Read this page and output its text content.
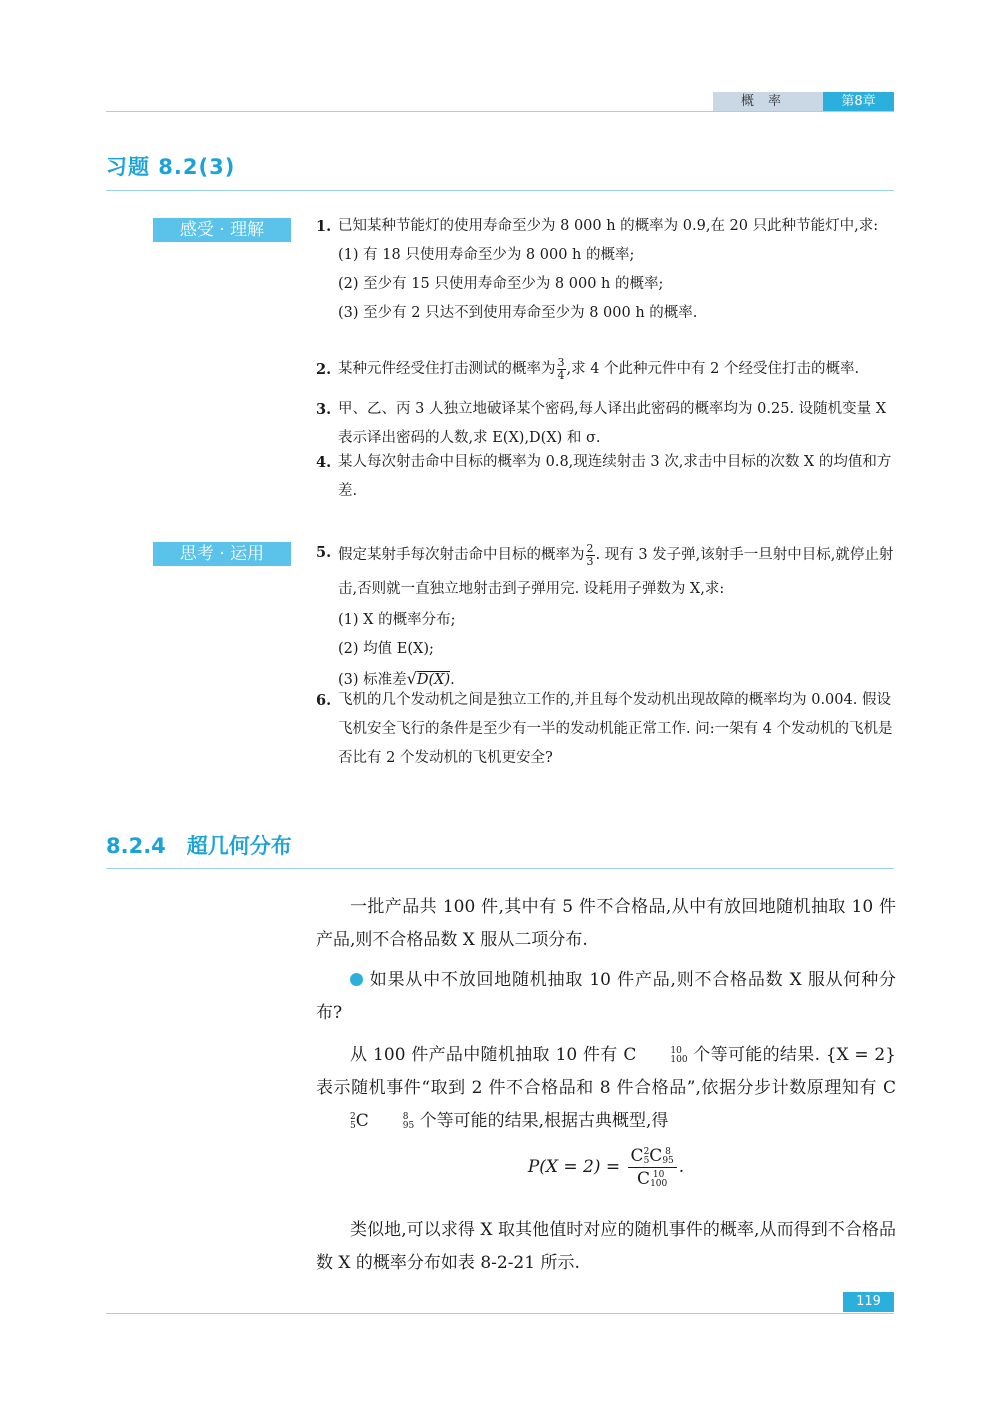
概率	第8章
习题 8.2(3)
感受 · 理解	1. 已知某种节能灯的使用寿命至少为 8 000 h 的概率为 0.9,在 20 只此种节能灯中,求:
(1) 有 18 只使用寿命至少为 8 000 h 的概率;
(2) 至少有 15 只使用寿命至少为 8 000 h 的概率;
(3) 至少有 2 只达不到使用寿命至少为 8 000 h 的概率.
2. 某种元件经受住打击测试的概率为 $\frac{3}{4}$ ,求 4 个此种元件中有 2 个经受住打击的概率.
3. 甲、乙、丙 3 人独立地破译某个密码,每人译出此密码的概率均为 0.25. 设随机变量 X 表示译出密码的人数,求 E(X),D(X) 和 σ.
4. 某人每次射击命中目标的概率为 0.8,现连续射击 3 次,求击中目标的次数 X 的均值和方差.
思考 · 运用	5. 假定某射手每次射击命中目标的概率为 $\frac{2}{3}$ . 现有 3 发子弹,该射手一旦射中目标,就停止射击,否则就一直独立地射击到子弹用完. 设耗用子弹数为 X,求:
(1) X 的概率分布;
(2) 均值 E(X);
(3) 标准差√D(X).
6. 飞机的几个发动机之间是独立工作的,并且每个发动机出现故障的概率均为 0.004. 假设飞机安全飞行的条件是至少有一半的发动机能正常工作. 问:一架有 4 个发动机的飞机是否比有 2 个发动机的飞机更安全?
8.2.4　超几何分布
一批产品共 100 件,其中有 5 件不合格品,从中有放回地随机抽取 10 件产品,则不合格品数 X 服从二项分布.
如果从中不放回地随机抽取 10 件产品,则不合格品数 X 服从何种分布?
从 100 件产品中随机抽取 10 件有 C	10
100 个等可能的结果. {X = 2} 表示随机事件“取到 2 件不合格品和 8 件合格品”,依据分步计数原理知有 C
2
5 C	8
95 个等可能的结果,根据古典概型,得
P(X = 2) = C 2
5 C 8
95
C 10
100 .
类似地,可以求得 X 取其他值时对应的随机事件的概率,从而得到不合格品数 X 的概率分布如表 8-2-21 所示.
119
